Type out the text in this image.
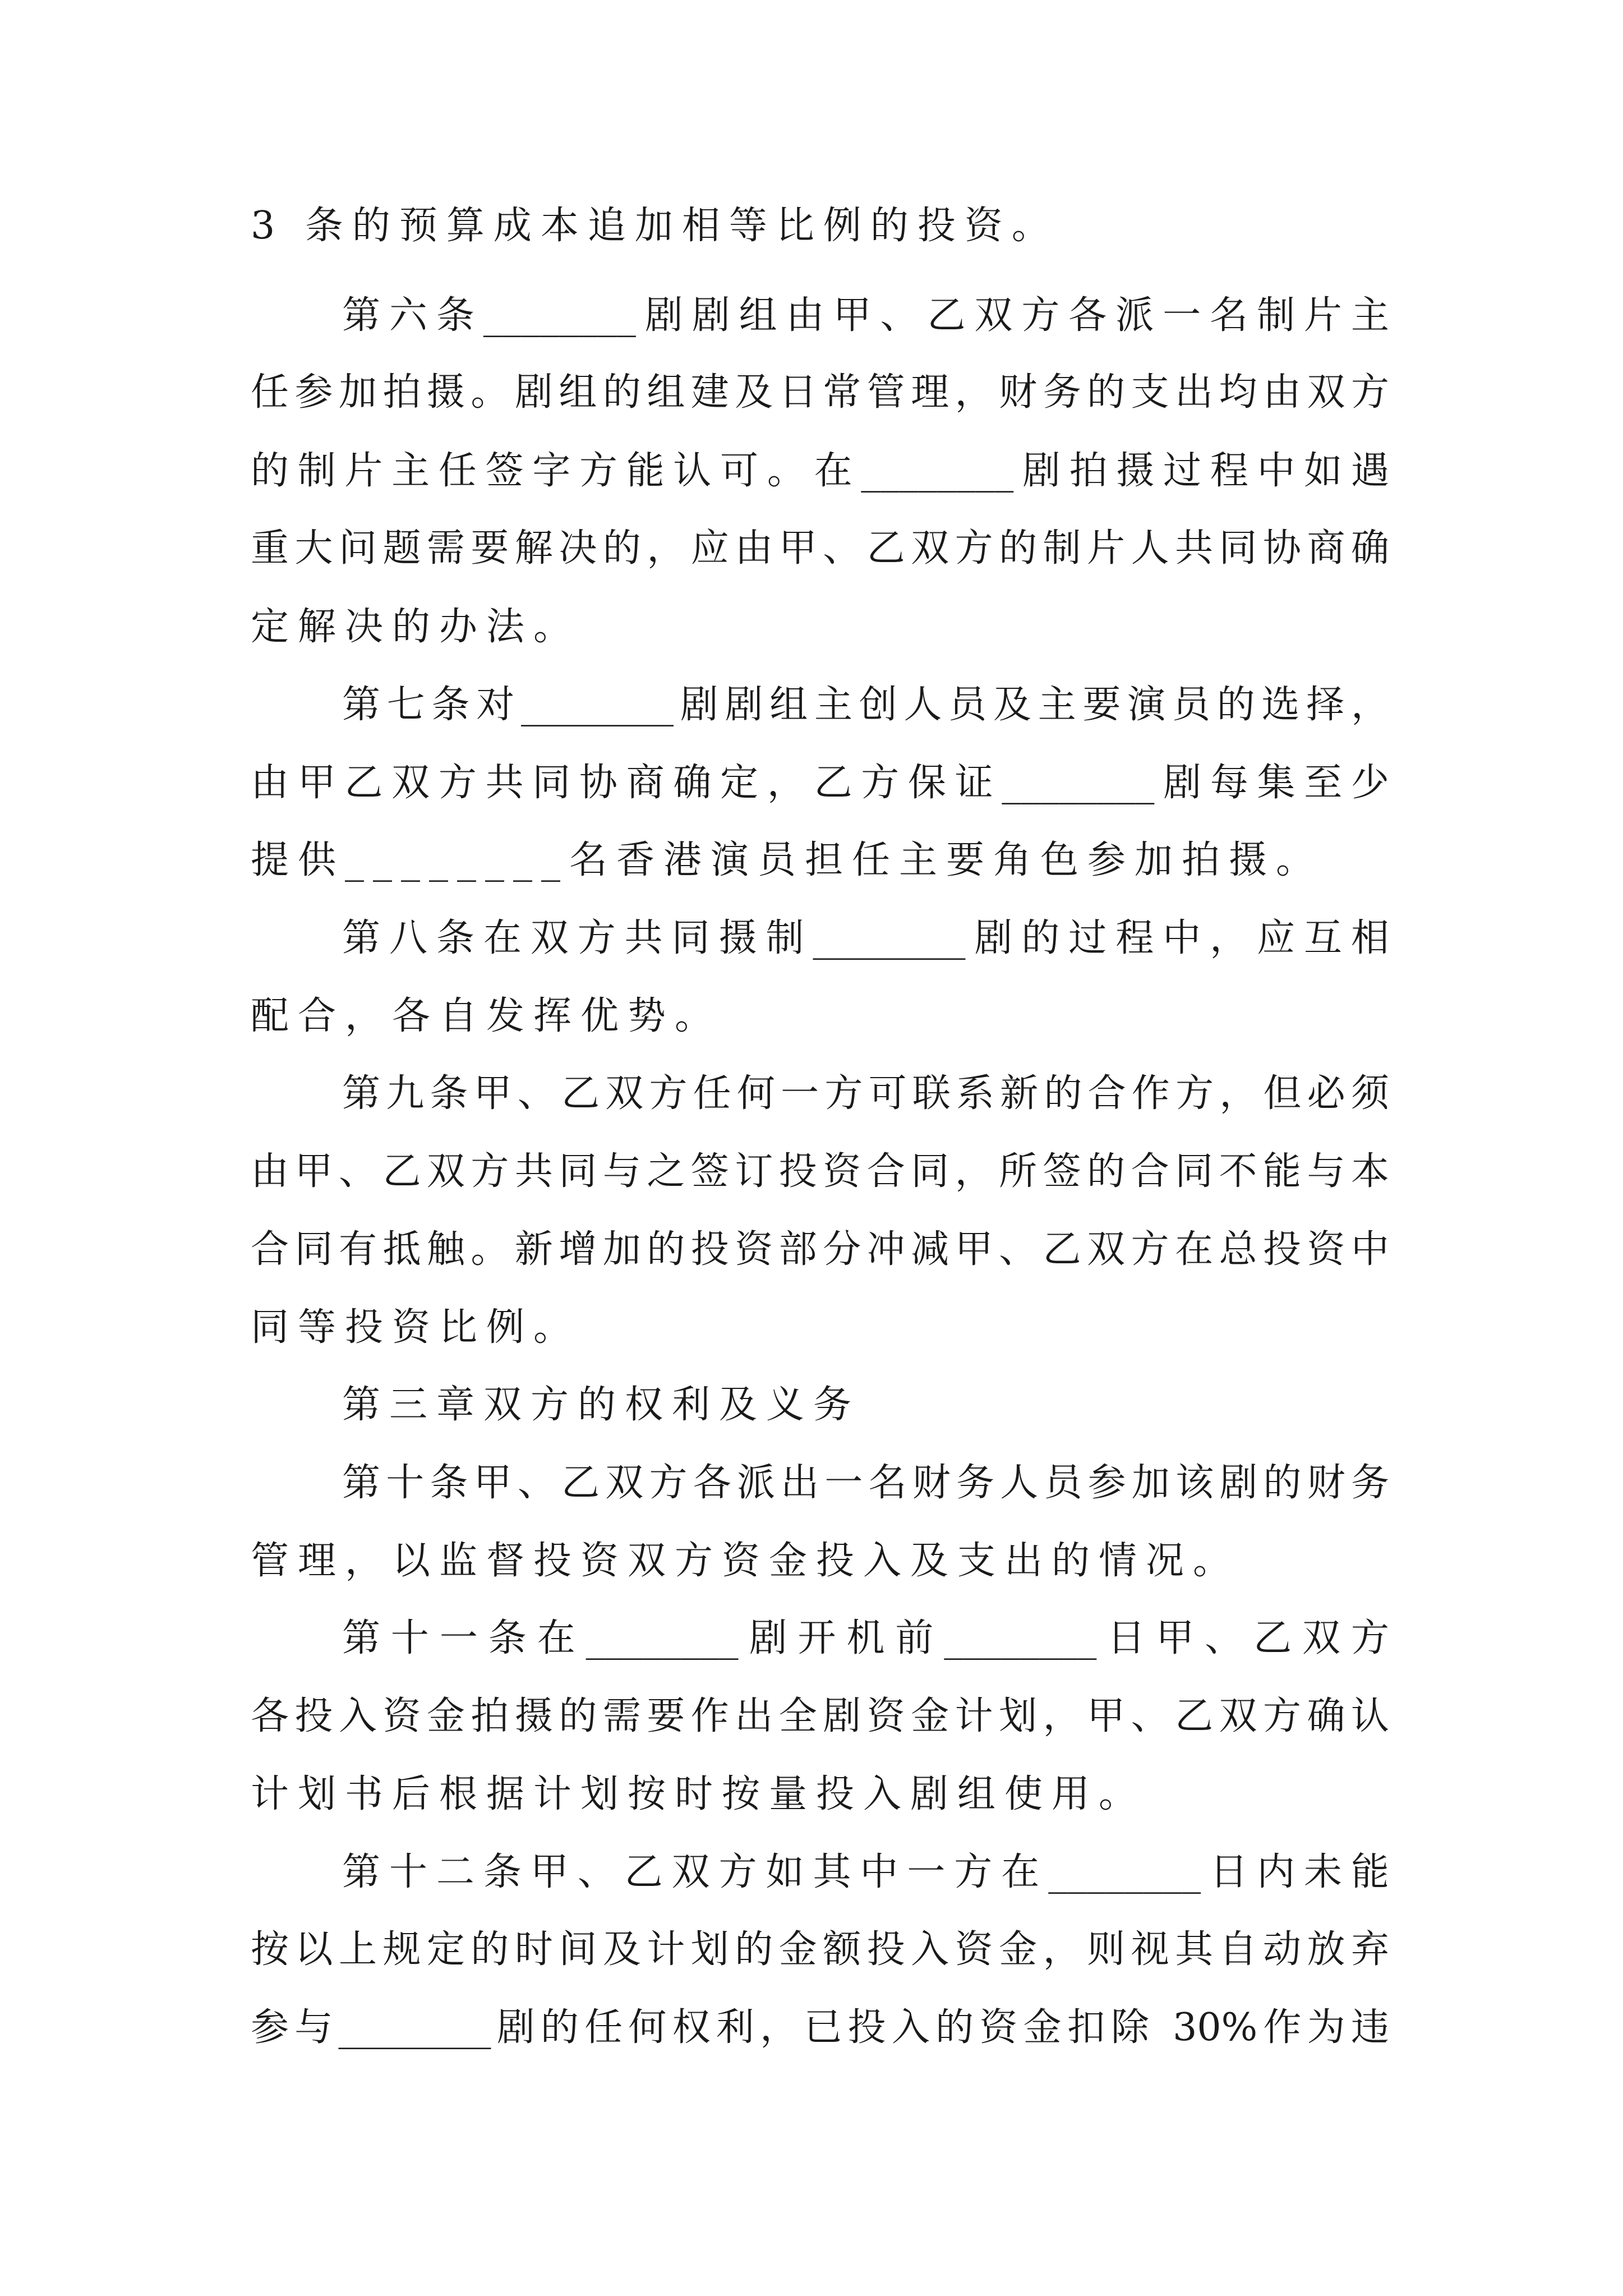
3 条的预算成本追加相等比例的投资。
第六条________剧剧组由甲、乙双方各派一名制片主
任参加拍摄。剧组的组建及日常管理，财务的支出均由双方
的制片主任签字方能认可。在________剧拍摄过程中如遇
重大问题需要解决的，应由甲、乙双方的制片人共同协商确
定解决的办法。
第七条对________剧剧组主创人员及主要演员的选择，
由甲乙双方共同协商确定，乙方保证________剧每集至少
提供________名香港演员担任主要角色参加拍摄。
第八条在双方共同摄制________剧的过程中，应互相
配合，各自发挥优势。
第九条甲、乙双方任何一方可联系新的合作方，但必须
由甲、乙双方共同与之签订投资合同，所签的合同不能与本
合同有抵触。新增加的投资部分冲减甲、乙双方在总投资中
同等投资比例。
第三章双方的权利及义务
第十条甲、乙双方各派出一名财务人员参加该剧的财务
管理，以监督投资双方资金投入及支出的情况。
第十一条在________剧开机前________日甲、乙双方
各投入资金拍摄的需要作出全剧资金计划，甲、乙双方确认
计划书后根据计划按时按量投入剧组使用。
第十二条甲、乙双方如其中一方在________日内未能
按以上规定的时间及计划的金额投入资金，则视其自动放弃
参与________剧的任何权利，已投入的资金扣除 30%作为违
